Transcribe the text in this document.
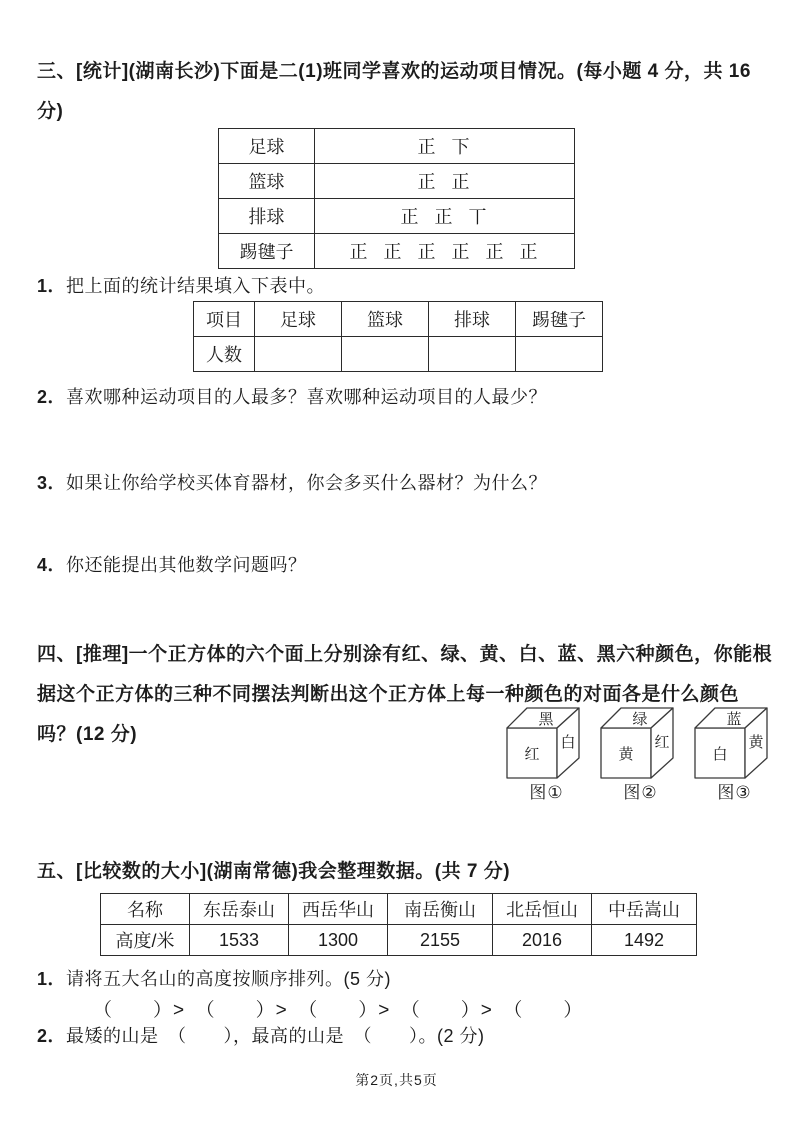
三、[统计](湖南长沙)下面是二(1)班同学喜欢的运动项目情况。(每小题 4 分，共 16 分)
足球	正 下
篮球	正 正
排球	正 正 丅
踢毽子	正 正 正 正 正 正
1．把上面的统计结果填入下表中。
项目	足球	篮球	排球	踢毽子
人数				
2．喜欢哪种运动项目的人最多？喜欢哪种运动项目的人最少？
3．如果让你给学校买体育器材，你会多买什么器材？为什么？
4．你还能提出其他数学问题吗？
四、[推理]一个正方体的六个面上分别涂有红、绿、黄、白、蓝、黑六种颜色，你能根据这个正方体的三种不同摆法判断出这个正方体上每一种颜色的对面各是什么颜色吗？(12 分)
黑
红
白
图①
绿
黄
红
图②
蓝
白
黄
图③
五、[比较数的大小](湖南常德)我会整理数据。(共 7 分)
名称	东岳泰山	西岳华山	南岳衡山	北岳恒山	中岳嵩山
高度/米	1533	1300	2155	2016	1492
1．请将五大名山的高度按顺序排列。(5 分)
（　　）>　（　　）>　（　　）>　（　　）>　（　　）
2．最矮的山是　（　　），最高的山是　（　　）。(2 分)
第2页,共5页
